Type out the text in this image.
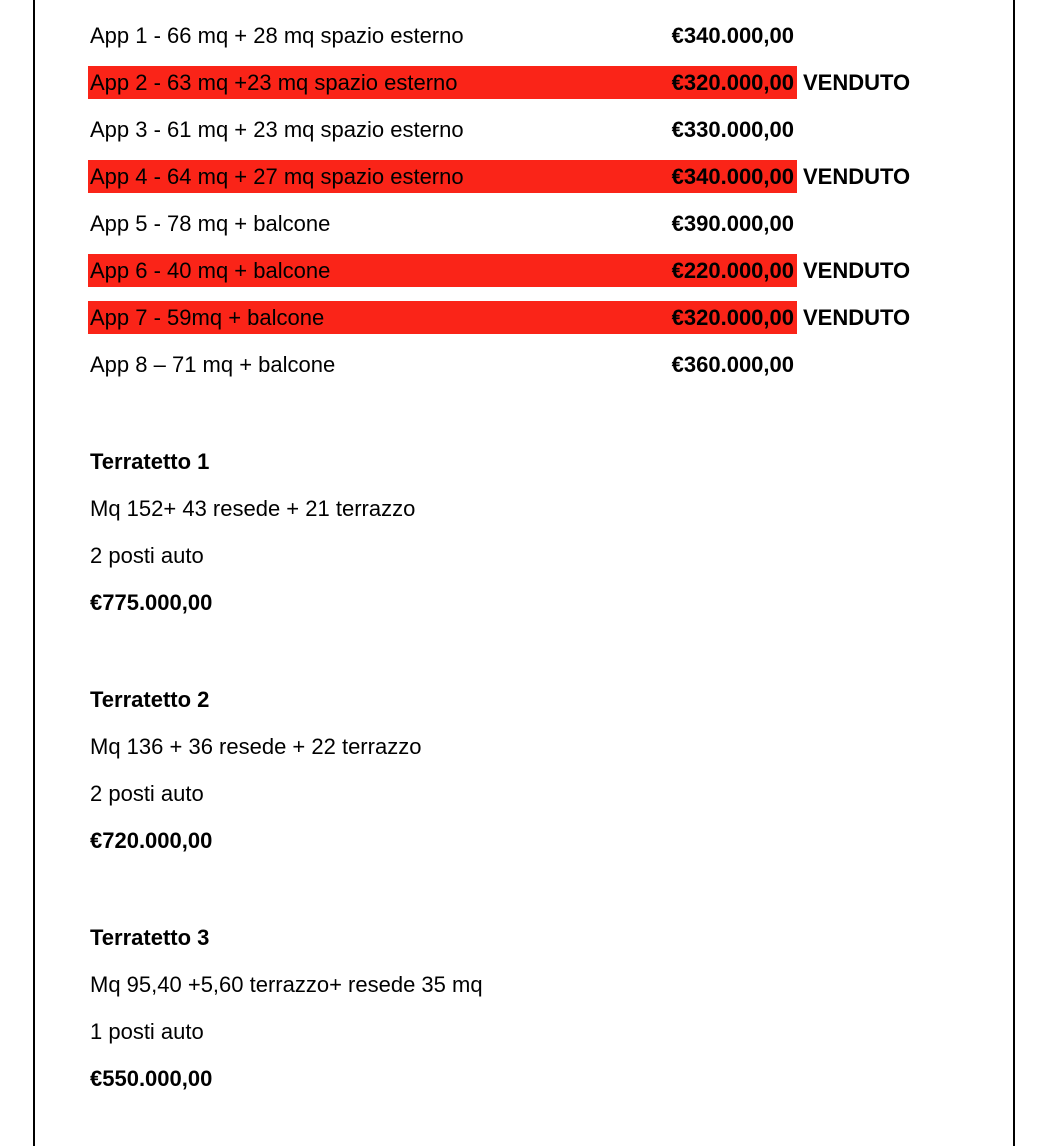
App 1 - 66 mq + 28 mq spazio esterno	€340.000,00
App 2 - 63 mq +23 mq spazio esterno	€320.000,00 VENDUTO
App 3 - 61 mq + 23 mq spazio esterno	€330.000,00
App 4 - 64 mq + 27 mq spazio esterno	€340.000,00 VENDUTO
App 5 - 78 mq + balcone	€390.000,00
App 6 - 40 mq + balcone	€220.000,00 VENDUTO
App 7 - 59mq + balcone	€320.000,00 VENDUTO
App 8 – 71 mq + balcone	€360.000,00
Terratetto 1
Mq 152+ 43 resede + 21 terrazzo
2 posti auto
€775.000,00
Terratetto 2
Mq 136 + 36 resede + 22 terrazzo
2 posti auto
€720.000,00
Terratetto 3
Mq 95,40 +5,60 terrazzo+ resede 35 mq
1 posti auto
€550.000,00
